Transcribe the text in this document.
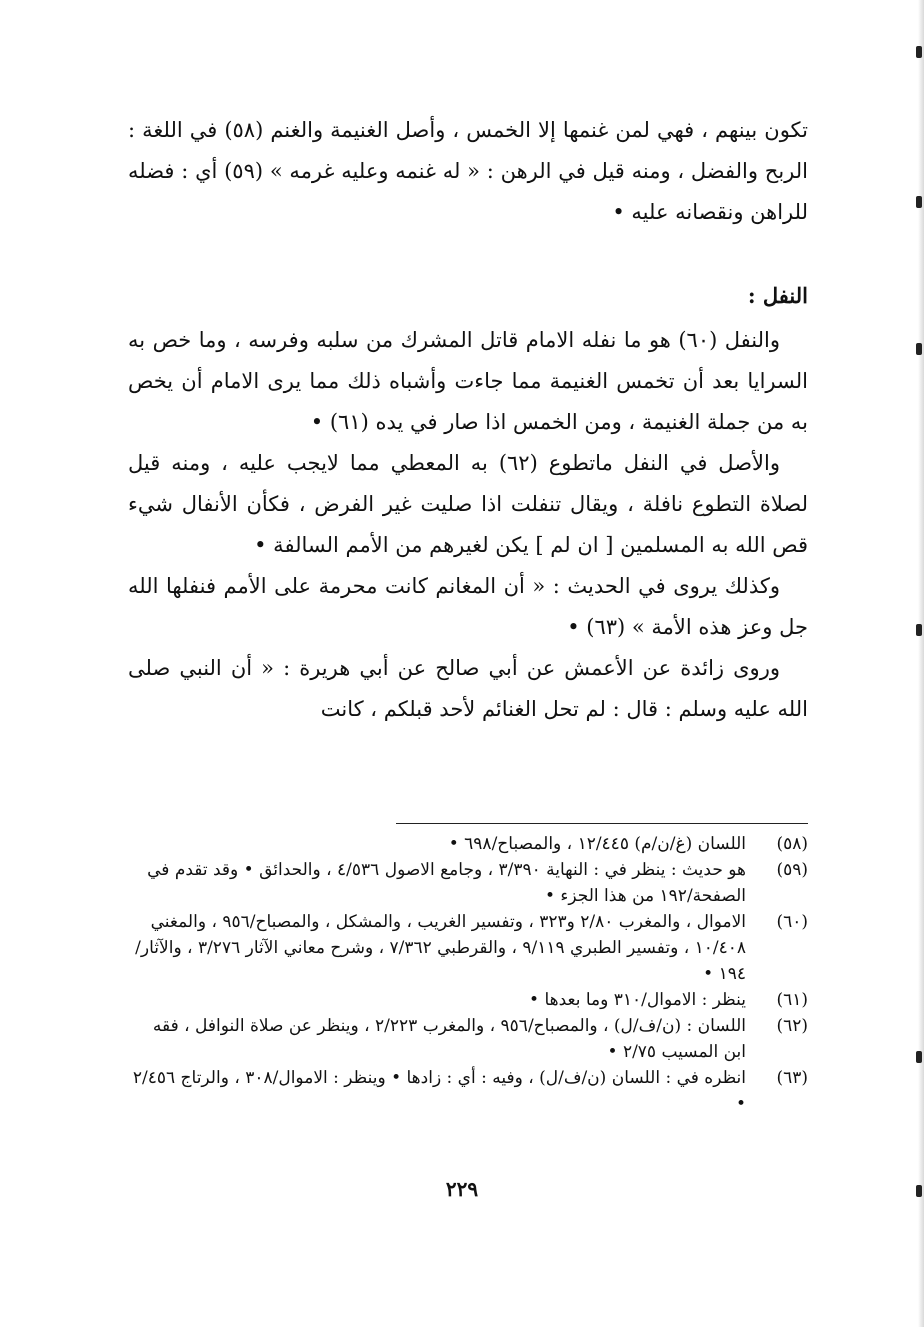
تكون بينهم ، فهي لمن غنمها إلا الخمس ، وأصل الغنيمة والغنم (٥٨) في اللغة : الربح والفضل ، ومنه قيل في الرهن : « له غنمه وعليه غرمه » (٥٩) أي : فضله للراهن ونقصانه عليه •

النفل :

والنفل (٦٠) هو ما نفله الامام قاتل المشرك من سلبه وفرسه ، وما خص به السرايا بعد أن تخمس الغنيمة مما جاءت وأشباه ذلك مما يرى الامام أن يخص به من جملة الغنيمة ، ومن الخمس اذا صار في يده (٦١) •

والأصل في النفل ماتطوع (٦٢) به المعطي مما لايجب عليه ، ومنه قيل لصلاة التطوع نافلة ، ويقال تنفلت اذا صليت غير الفرض ، فكأن الأنفال شيء قص الله به المسلمين [ ان لم ] يكن لغيرهم من الأمم السالفة •

وكذلك يروى في الحديث : « أن المغانم كانت محرمة على الأمم فنفلها الله جل وعز هذه الأمة » (٦٣) •

وروى زائدة عن الأعمش عن أبي صالح عن أبي هريرة : « أن النبي صلى الله عليه وسلم : قال : لم تحل الغنائم لأحد قبلكم ، كانت

(٥٨)
اللسان (غ/ن/م) ١٢/٤٤٥ ، والمصباح/٦٩٨ •
(٥٩)
هو حديث : ينظر في : النهاية ٣/٣٩٠ ، وجامع الاصول ٤/٥٣٦ ، والحدائق • وقد تقدم في الصفحة/١٩٢ من هذا الجزء •
(٦٠)
الاموال ، والمغرب ٢/٨٠ و٣٢٣ ، وتفسير الغريب ، والمشكل ، والمصباح/٩٥٦ ، والمغني ١٠/٤٠٨ ، وتفسير الطبري ٩/١١٩ ، والقرطبي ٧/٣٦٢ ، وشرح معاني الآثار ٣/٢٧٦ ، والآثار/١٩٤ •
(٦١)
ينظر : الاموال/٣١٠ وما بعدها •
(٦٢)
اللسان : (ن/ف/ل) ، والمصباح/٩٥٦ ، والمغرب ٢/٢٢٣ ، وينظر عن صلاة النوافل ، فقه ابن المسيب ٢/٧٥ •
(٦٣)
انظره في : اللسان (ن/ف/ل) ، وفيه : أي : زادها • وينظر : الاموال/٣٠٨ ، والرتاج ٢/٤٥٦ •
٢٢٩
